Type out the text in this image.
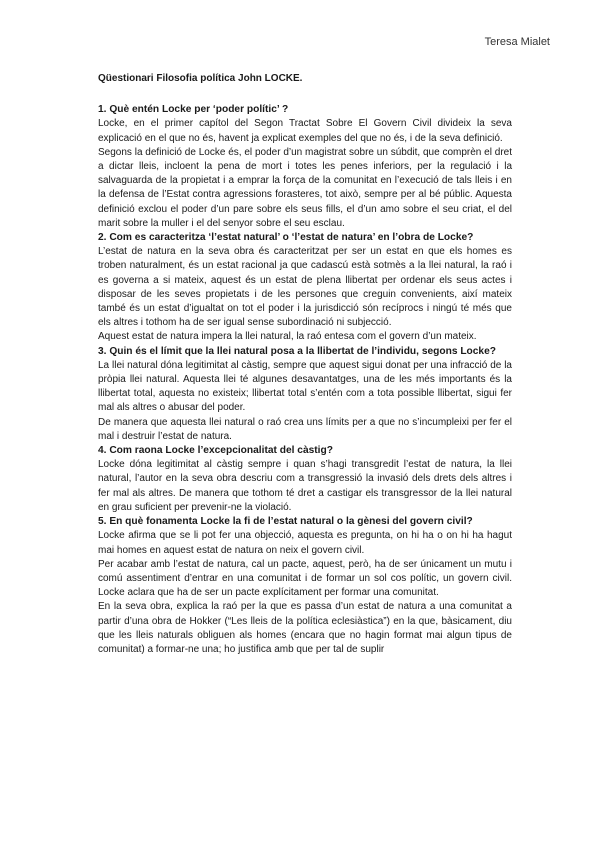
Teresa Mialet

Qüestionari Filosofia política John LOCKE.

1. Què entén Locke per ‘poder polític’ ?

Locke, en el primer capítol del Segon Tractat Sobre El Govern Civil divideix la seva explicació en el que no és, havent ja explicat exemples del que no és, i de la seva definició.

Segons la definició de Locke és, el poder d’un magistrat sobre un súbdit, que comprèn el dret a dictar lleis, incloent la pena de mort i totes les penes inferiors, per la regulació i la salvaguarda de la propietat i a emprar la força de la comunitat en l’execució de tals lleis i en la defensa de l’Estat contra agressions forasteres, tot això, sempre per al bé públic. Aquesta definició exclou el poder d’un pare sobre els seus fills, el d’un amo sobre el seu criat, el del marit sobre la muller i el del senyor sobre el seu esclau.

2. Com es caracteritza ‘l’estat natural’ o ‘l’estat de natura’ en l’obra de Locke?

L’estat de natura en la seva obra és caracteritzat per ser un estat en que els homes es troben naturalment, és un estat racional ja que cadascú està sotmès a la llei natural, la raó i es governa a si mateix, aquest és un estat de plena llibertat per ordenar els seus actes i disposar de les seves propietats i de les persones que creguin convenients, així mateix també és un estat d’igualtat on tot el poder i la jurisdicció són recíprocs i ningú té més que els altres i tothom ha de ser igual sense subordinació ni subjecció.

Aquest estat de natura impera la llei natural, la raó entesa com el govern d’un mateix.

3. Quin és el límit que la llei natural posa a la llibertat de l’individu, segons Locke?

La llei natural dóna legitimitat al càstig, sempre que aquest sigui donat per una infracció de la pròpia llei natural. Aquesta llei té algunes desavantatges, una de les més importants és la llibertat total, aquesta no existeix; llibertat total s’entén com a tota possible llibertat, sigui fer mal als altres o abusar del poder.

De manera que aquesta llei natural o raó crea uns límits per a que no s’incumpleixi per fer el mal i destruir l’estat de natura.

4. Com raona Locke l’excepcionalitat del càstig?

Locke dóna legitimitat al càstig sempre i quan s’hagi transgredit l’estat de natura, la llei natural, l’autor en la seva obra descriu com a transgressió la invasió dels drets dels altres i fer mal als altres. De manera que tothom té dret a castigar els transgressor de la llei natural en grau suficient per prevenir-ne la violació.

5. En què fonamenta Locke la fi de l’estat natural o la gènesi del govern civil?

Locke afirma que se li pot fer una objecció, aquesta es pregunta, on hi ha o on hi ha hagut mai homes en aquest estat de natura on neix el govern civil.

Per acabar amb l’estat de natura, cal un pacte, aquest, però, ha de ser únicament un mutu i comú assentiment d’entrar en una comunitat i de formar un sol cos polític, un govern civil. Locke aclara que ha de ser un pacte explícitament per formar una comunitat.

En la seva obra, explica la raó per la que es passa d’un estat de natura a una comunitat a partir d’una obra de Hokker (“Les lleis de la política eclesiàstica”) en la que, bàsicament, diu que les lleis naturals obliguen als homes (encara que no hagin format mai algun tipus de comunitat) a formar-ne una; ho justifica amb que per tal de suplir
